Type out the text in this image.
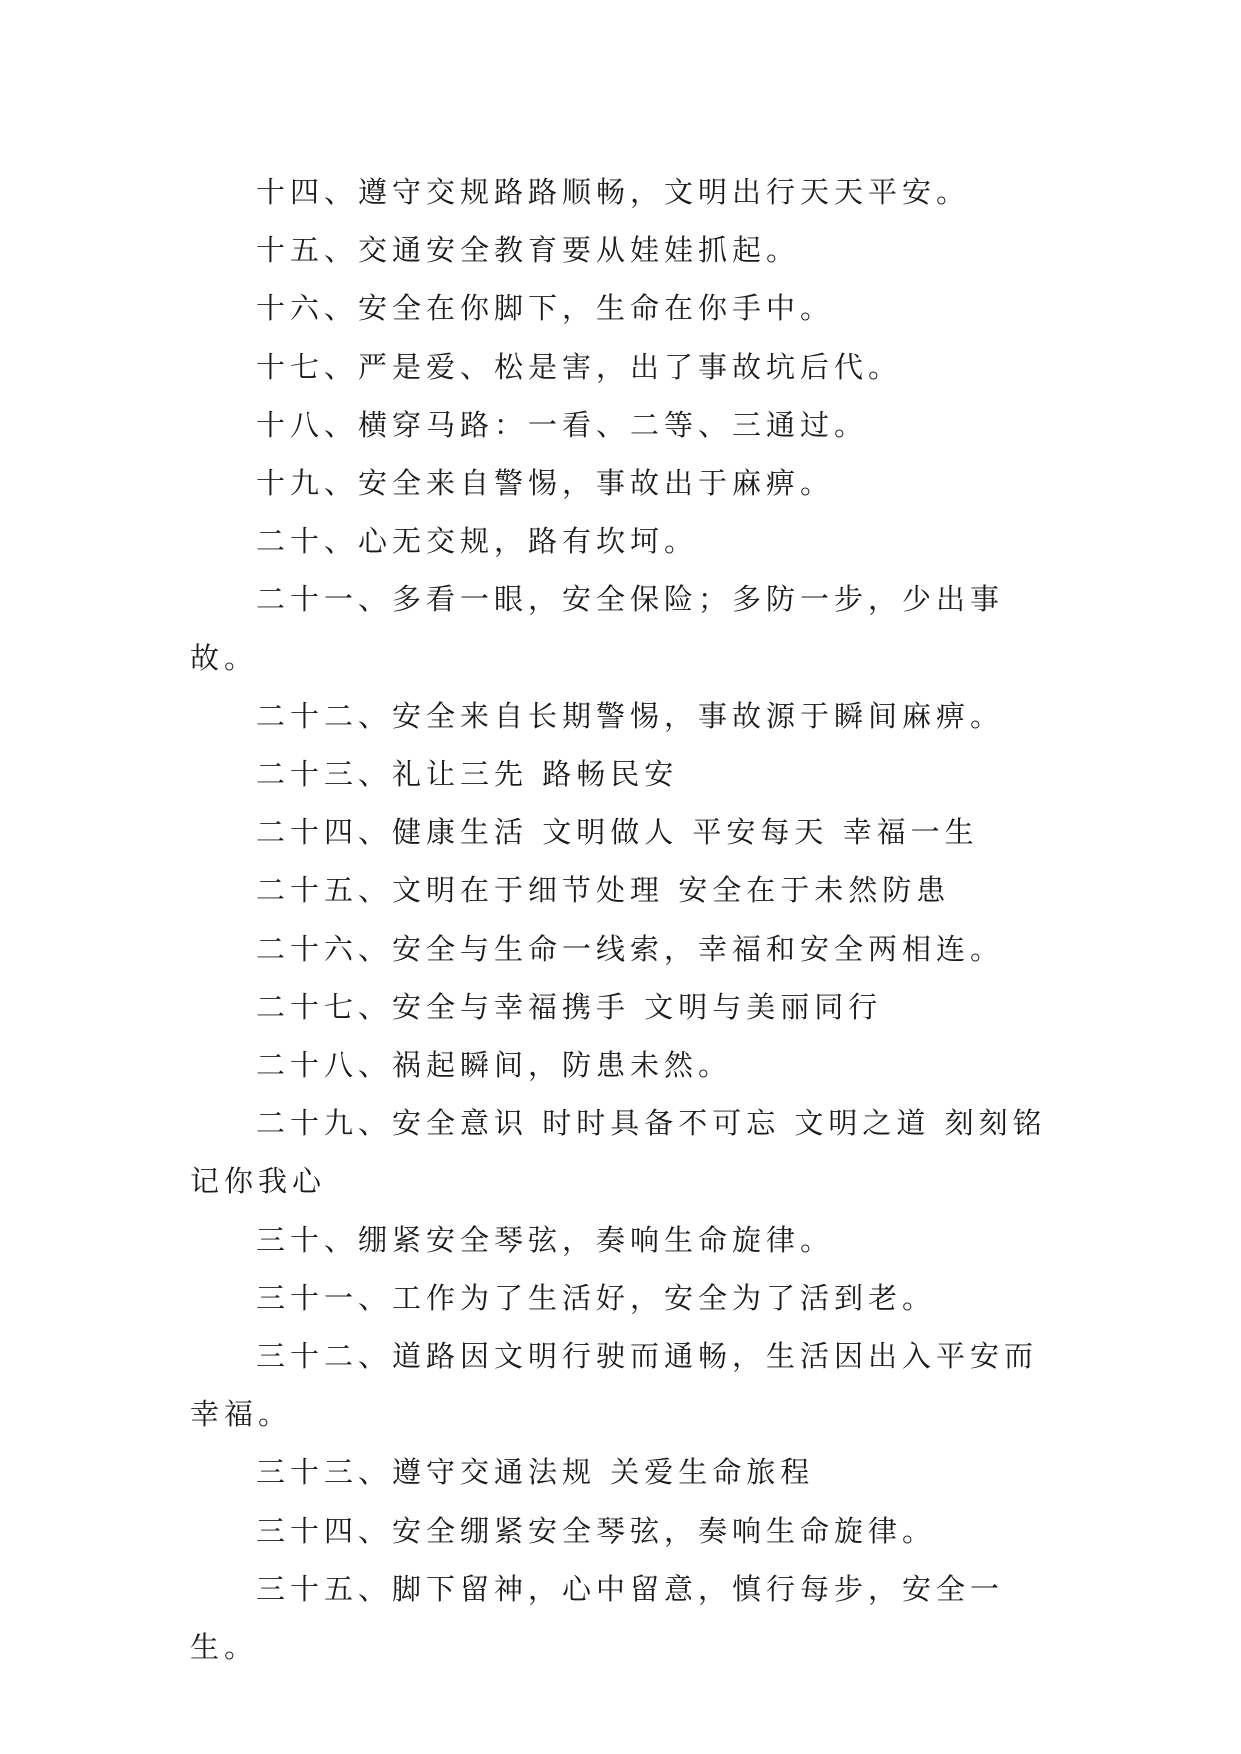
十四、遵守交规路路顺畅，文明出行天天平安。

十五、交通安全教育要从娃娃抓起。

十六、安全在你脚下，生命在你手中。

十七、严是爱、松是害，出了事故坑后代。

十八、横穿马路：一看、二等、三通过。

十九、安全来自警惕，事故出于麻痹。

二十、心无交规，路有坎坷。

二十一、多看一眼，安全保险；多防一步，少出事故。

二十二、安全来自长期警惕，事故源于瞬间麻痹。

二十三、礼让三先 路畅民安

二十四、健康生活 文明做人 平安每天 幸福一生

二十五、文明在于细节处理 安全在于未然防患

二十六、安全与生命一线索，幸福和安全两相连。

二十七、安全与幸福携手 文明与美丽同行

二十八、祸起瞬间，防患未然。

二十九、安全意识 时时具备不可忘 文明之道 刻刻铭记你我心

三十、绷紧安全琴弦，奏响生命旋律。

三十一、工作为了生活好，安全为了活到老。

三十二、道路因文明行驶而通畅，生活因出入平安而幸福。

三十三、遵守交通法规 关爱生命旅程

三十四、安全绷紧安全琴弦，奏响生命旋律。

三十五、脚下留神，心中留意，慎行每步，安全一生。
